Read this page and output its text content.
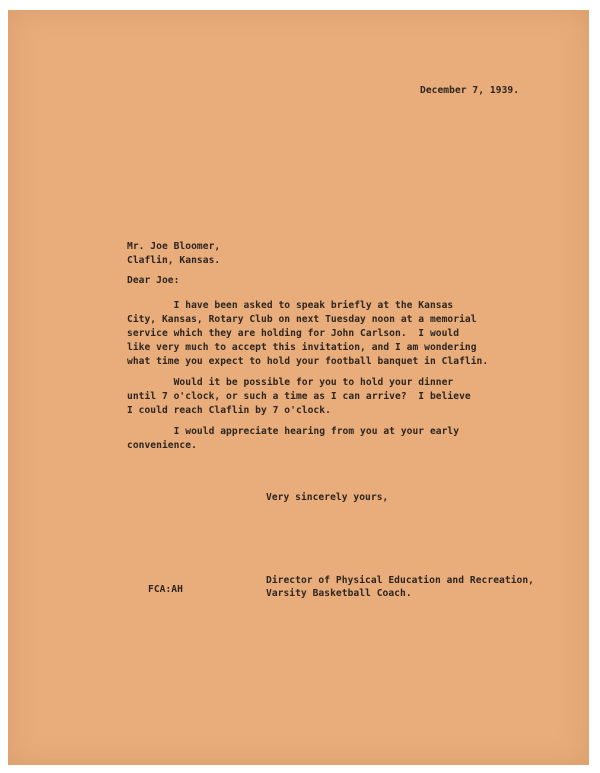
December 7, 1939.
Mr. Joe Bloomer,
Claflin, Kansas.
Dear Joe:
I have been asked to speak briefly at the Kansas
City, Kansas, Rotary Club on next Tuesday noon at a memorial
service which they are holding for John Carlson.  I would
like very much to accept this invitation, and I am wondering
what time you expect to hold your football banquet in Claflin.
Would it be possible for you to hold your dinner
until 7 o'clock, or such a time as I can arrive?  I believe
I could reach Claflin by 7 o'clock.
I would appreciate hearing from you at your early
convenience.
Very sincerely yours,
Director of Physical Education and Recreation,
Varsity Basketball Coach.
FCA:AH
